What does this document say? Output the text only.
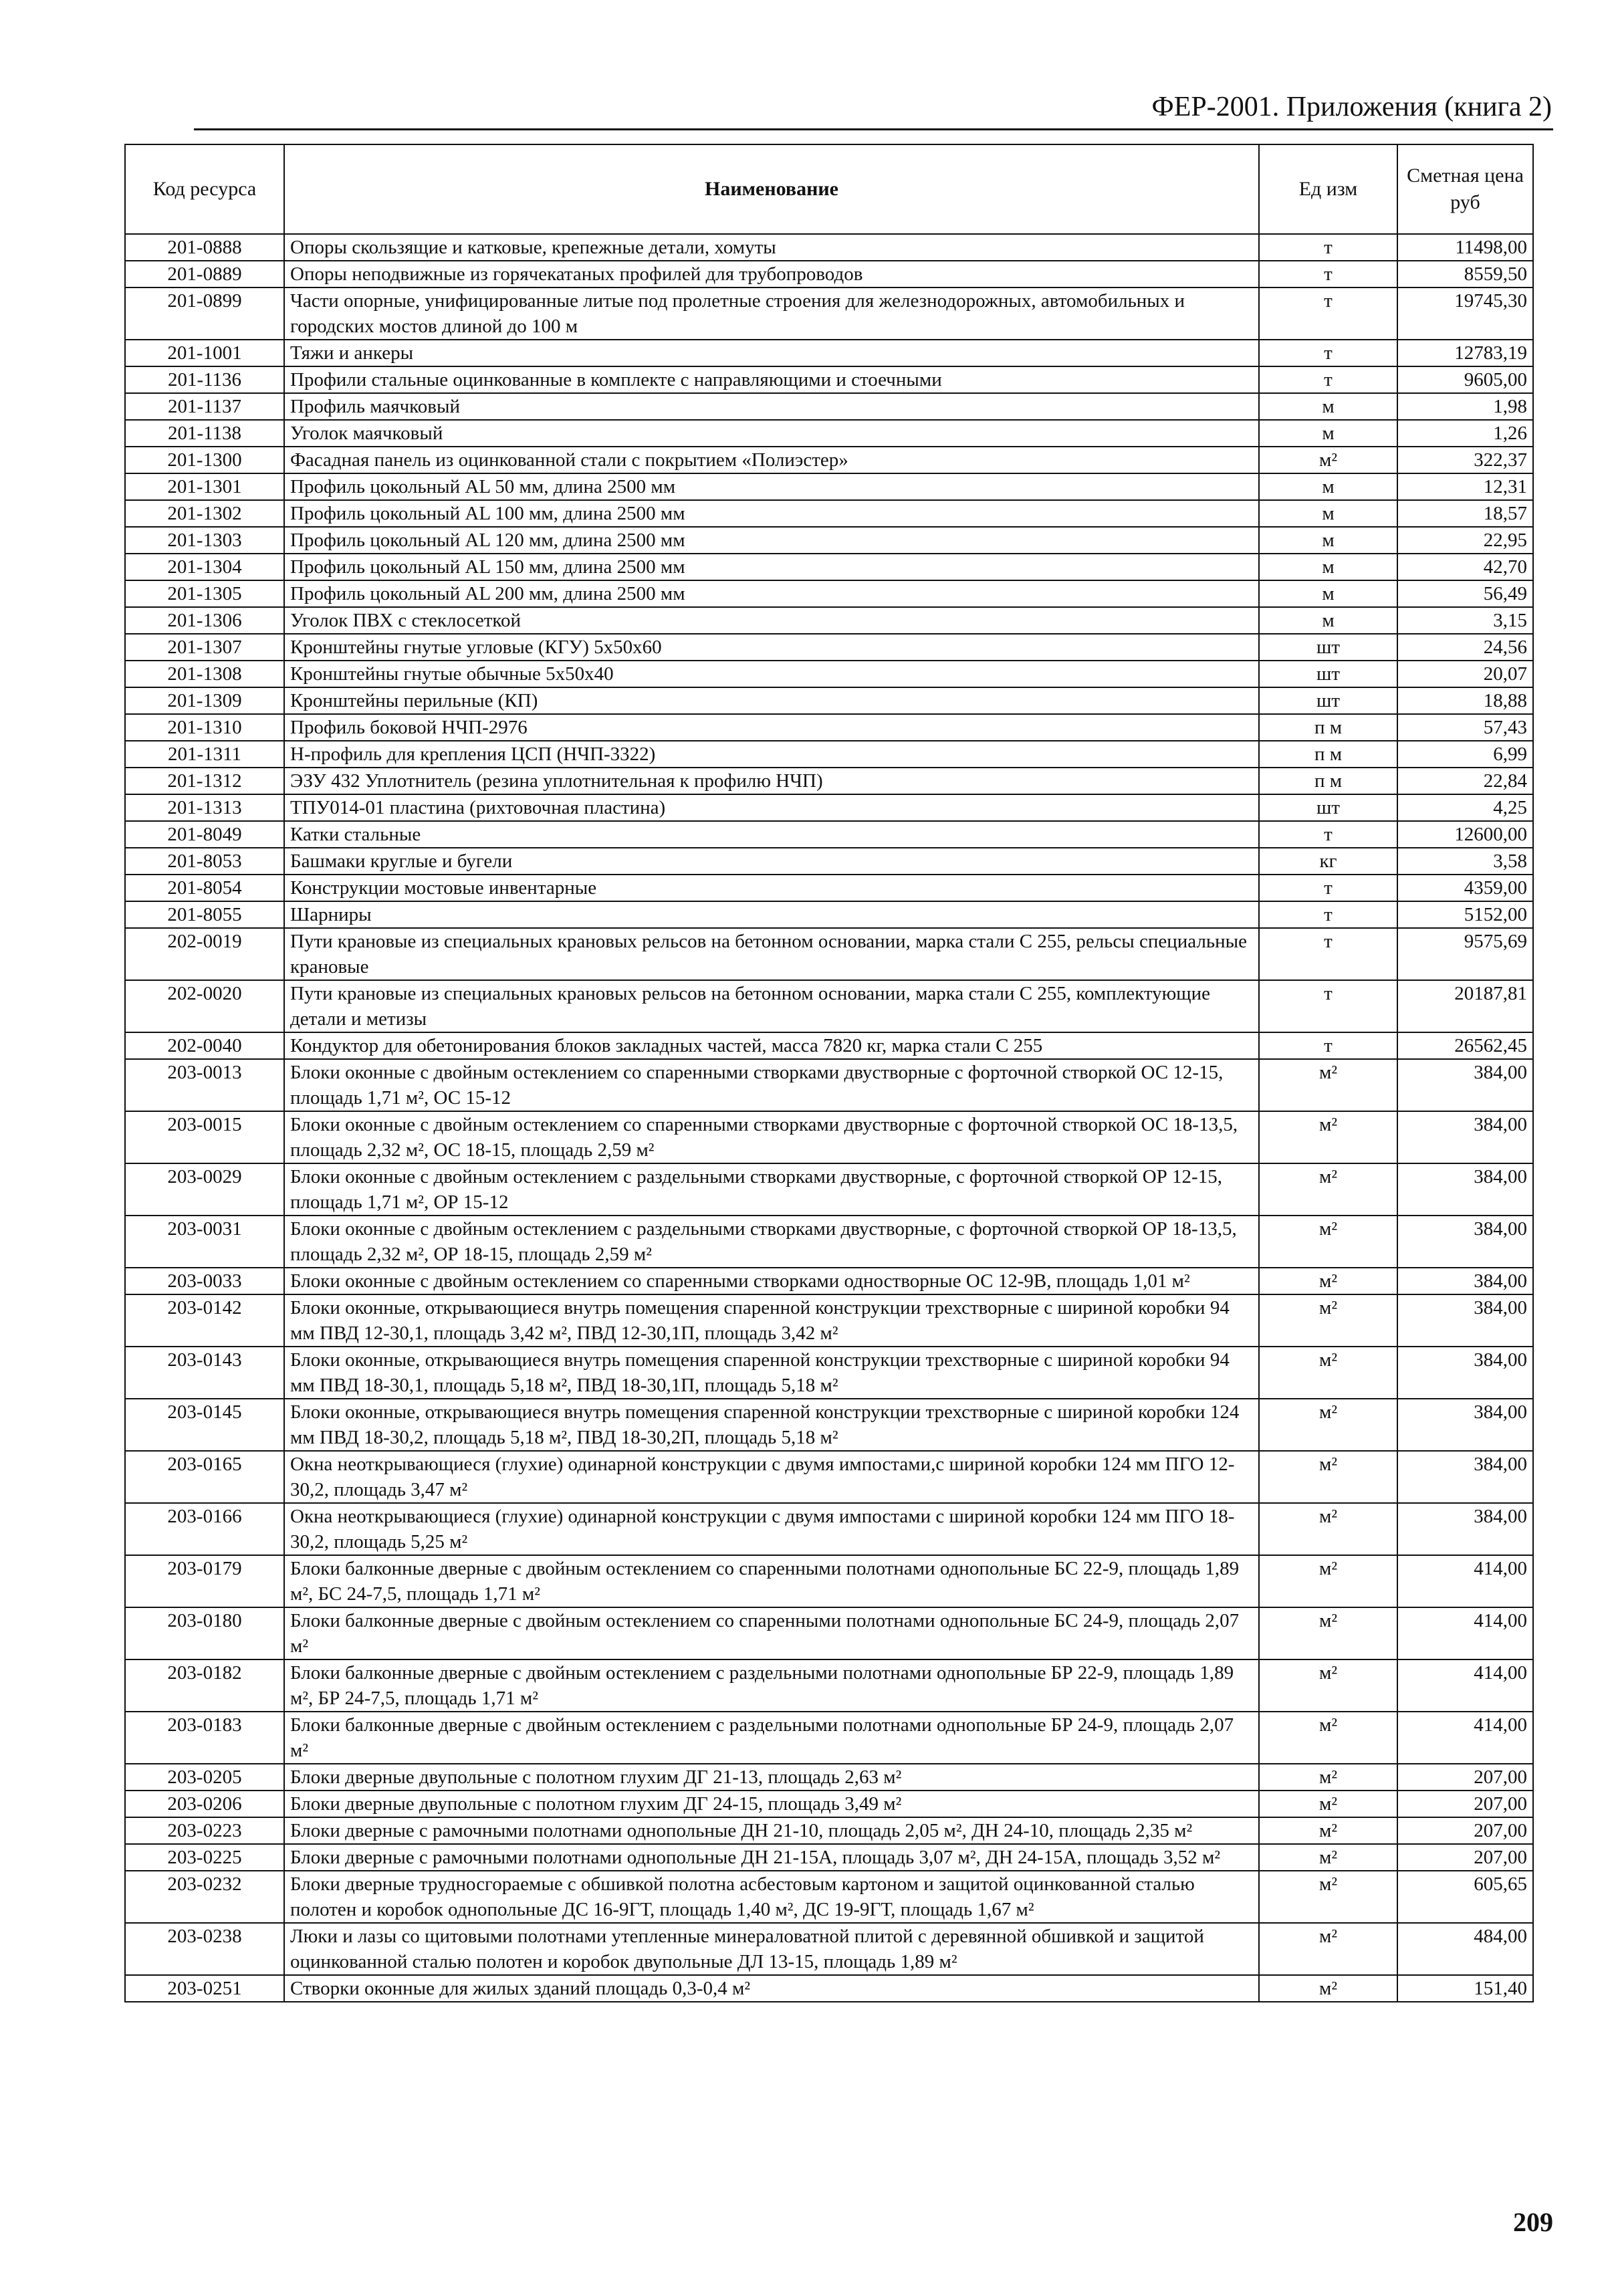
ФЕР-2001. Приложения (книга 2)
Код ресурса	Наименование	Ед изм	Сметная цена руб
201-0888	Опоры скользящие и катковые, крепежные детали, хомуты	т	11498,00
201-0889	Опоры неподвижные из горячекатаных профилей для трубопроводов	т	8559,50
201-0899	Части опорные, унифицированные литые под пролетные строения для железнодорожных, автомобильных и городских мостов длиной до 100 м	т	19745,30
201-1001	Тяжи и анкеры	т	12783,19
201-1136	Профили стальные оцинкованные в комплекте с направляющими и стоечными	т	9605,00
201-1137	Профиль маячковый	м	1,98
201-1138	Уголок маячковый	м	1,26
201-1300	Фасадная панель из оцинкованной стали с покрытием «Полиэстер»	м²	322,37
201-1301	Профиль цокольный AL 50 мм, длина 2500 мм	м	12,31
201-1302	Профиль цокольный AL 100 мм, длина 2500 мм	м	18,57
201-1303	Профиль цокольный AL 120 мм, длина 2500 мм	м	22,95
201-1304	Профиль цокольный AL 150 мм, длина 2500 мм	м	42,70
201-1305	Профиль цокольный AL 200 мм, длина 2500 мм	м	56,49
201-1306	Уголок ПВХ с стеклосеткой	м	3,15
201-1307	Кронштейны гнутые угловые (КГУ) 5х50х60	шт	24,56
201-1308	Кронштейны гнутые обычные 5х50х40	шт	20,07
201-1309	Кронштейны перильные (КП)	шт	18,88
201-1310	Профиль боковой НЧП-2976	п м	57,43
201-1311	Н-профиль для крепления ЦСП (НЧП-3322)	п м	6,99
201-1312	ЭЗУ 432 Уплотнитель (резина уплотнительная к профилю НЧП)	п м	22,84
201-1313	ТПУ014-01 пластина (рихтовочная пластина)	шт	4,25
201-8049	Катки стальные	т	12600,00
201-8053	Башмаки круглые и бугели	кг	3,58
201-8054	Конструкции мостовые инвентарные	т	4359,00
201-8055	Шарниры	т	5152,00
202-0019	Пути крановые из специальных крановых рельсов на бетонном основании, марка стали С 255, рельсы специальные крановые	т	9575,69
202-0020	Пути крановые из специальных крановых рельсов на бетонном основании, марка стали С 255, комплектующие детали и метизы	т	20187,81
202-0040	Кондуктор для обетонирования блоков закладных частей, масса 7820 кг, марка стали С 255	т	26562,45
203-0013	Блоки оконные с двойным остеклением со спаренными створками двустворные с форточной створкой ОС 12-15, площадь 1,71 м², ОС 15-12	м²	384,00
203-0015	Блоки оконные с двойным остеклением со спаренными створками двустворные с форточной створкой ОС 18-13,5, площадь 2,32 м², ОС 18-15, площадь 2,59 м²	м²	384,00
203-0029	Блоки оконные с двойным остеклением с раздельными створками двустворные, с форточной створкой ОР 12-15, площадь 1,71 м², ОР 15-12	м²	384,00
203-0031	Блоки оконные с двойным остеклением с раздельными створками двустворные, с форточной створкой ОР 18-13,5, площадь 2,32 м², ОР 18-15, площадь 2,59 м²	м²	384,00
203-0033	Блоки оконные с двойным остеклением со спаренными створками одностворные ОС 12-9В, площадь 1,01 м²	м²	384,00
203-0142	Блоки оконные, открывающиеся внутрь помещения спаренной конструкции трехстворные с шириной коробки 94 мм ПВД 12-30,1, площадь 3,42 м², ПВД 12-30,1П, площадь 3,42 м²	м²	384,00
203-0143	Блоки оконные, открывающиеся внутрь помещения спаренной конструкции трехстворные с шириной коробки 94 мм ПВД 18-30,1, площадь 5,18 м², ПВД 18-30,1П, площадь 5,18 м²	м²	384,00
203-0145	Блоки оконные, открывающиеся внутрь помещения спаренной конструкции трехстворные с шириной коробки 124 мм ПВД 18-30,2, площадь 5,18 м², ПВД 18-30,2П, площадь 5,18 м²	м²	384,00
203-0165	Окна неоткрывающиеся (глухие) одинарной конструкции с двумя импостами,с шириной коробки 124 мм ПГО 12-30,2, площадь 3,47 м²	м²	384,00
203-0166	Окна неоткрывающиеся (глухие) одинарной конструкции с двумя импостами с шириной коробки 124 мм ПГО 18-30,2, площадь 5,25 м²	м²	384,00
203-0179	Блоки балконные дверные с двойным остеклением со спаренными полотнами однопольные БС 22-9, площадь 1,89 м², БС 24-7,5, площадь 1,71 м²	м²	414,00
203-0180	Блоки балконные дверные с двойным остеклением со спаренными полотнами однопольные БС 24-9, площадь 2,07 м²	м²	414,00
203-0182	Блоки балконные дверные с двойным остеклением с раздельными полотнами однопольные БР 22-9, площадь 1,89 м², БР 24-7,5, площадь 1,71 м²	м²	414,00
203-0183	Блоки балконные дверные с двойным остеклением с раздельными полотнами однопольные БР 24-9, площадь 2,07 м²	м²	414,00
203-0205	Блоки дверные двупольные с полотном глухим ДГ 21-13, площадь 2,63 м²	м²	207,00
203-0206	Блоки дверные двупольные с полотном глухим ДГ 24-15, площадь 3,49 м²	м²	207,00
203-0223	Блоки дверные с рамочными полотнами однопольные ДН 21-10, площадь 2,05 м², ДН 24-10, площадь 2,35 м²	м²	207,00
203-0225	Блоки дверные с рамочными полотнами однопольные ДН 21-15А, площадь 3,07 м², ДН 24-15А, площадь 3,52 м²	м²	207,00
203-0232	Блоки дверные трудносгораемые с обшивкой полотна асбестовым картоном и защитой оцинкованной сталью полотен и коробок однопольные ДС 16-9ГТ, площадь 1,40 м², ДС 19-9ГТ, площадь 1,67 м²	м²	605,65
203-0238	Люки и лазы со щитовыми полотнами утепленные минераловатной плитой с деревянной обшивкой и защитой оцинкованной сталью полотен и коробок двупольные ДЛ 13-15, площадь 1,89 м²	м²	484,00
203-0251	Створки оконные для жилых зданий площадь 0,3-0,4 м²	м²	151,40
209
